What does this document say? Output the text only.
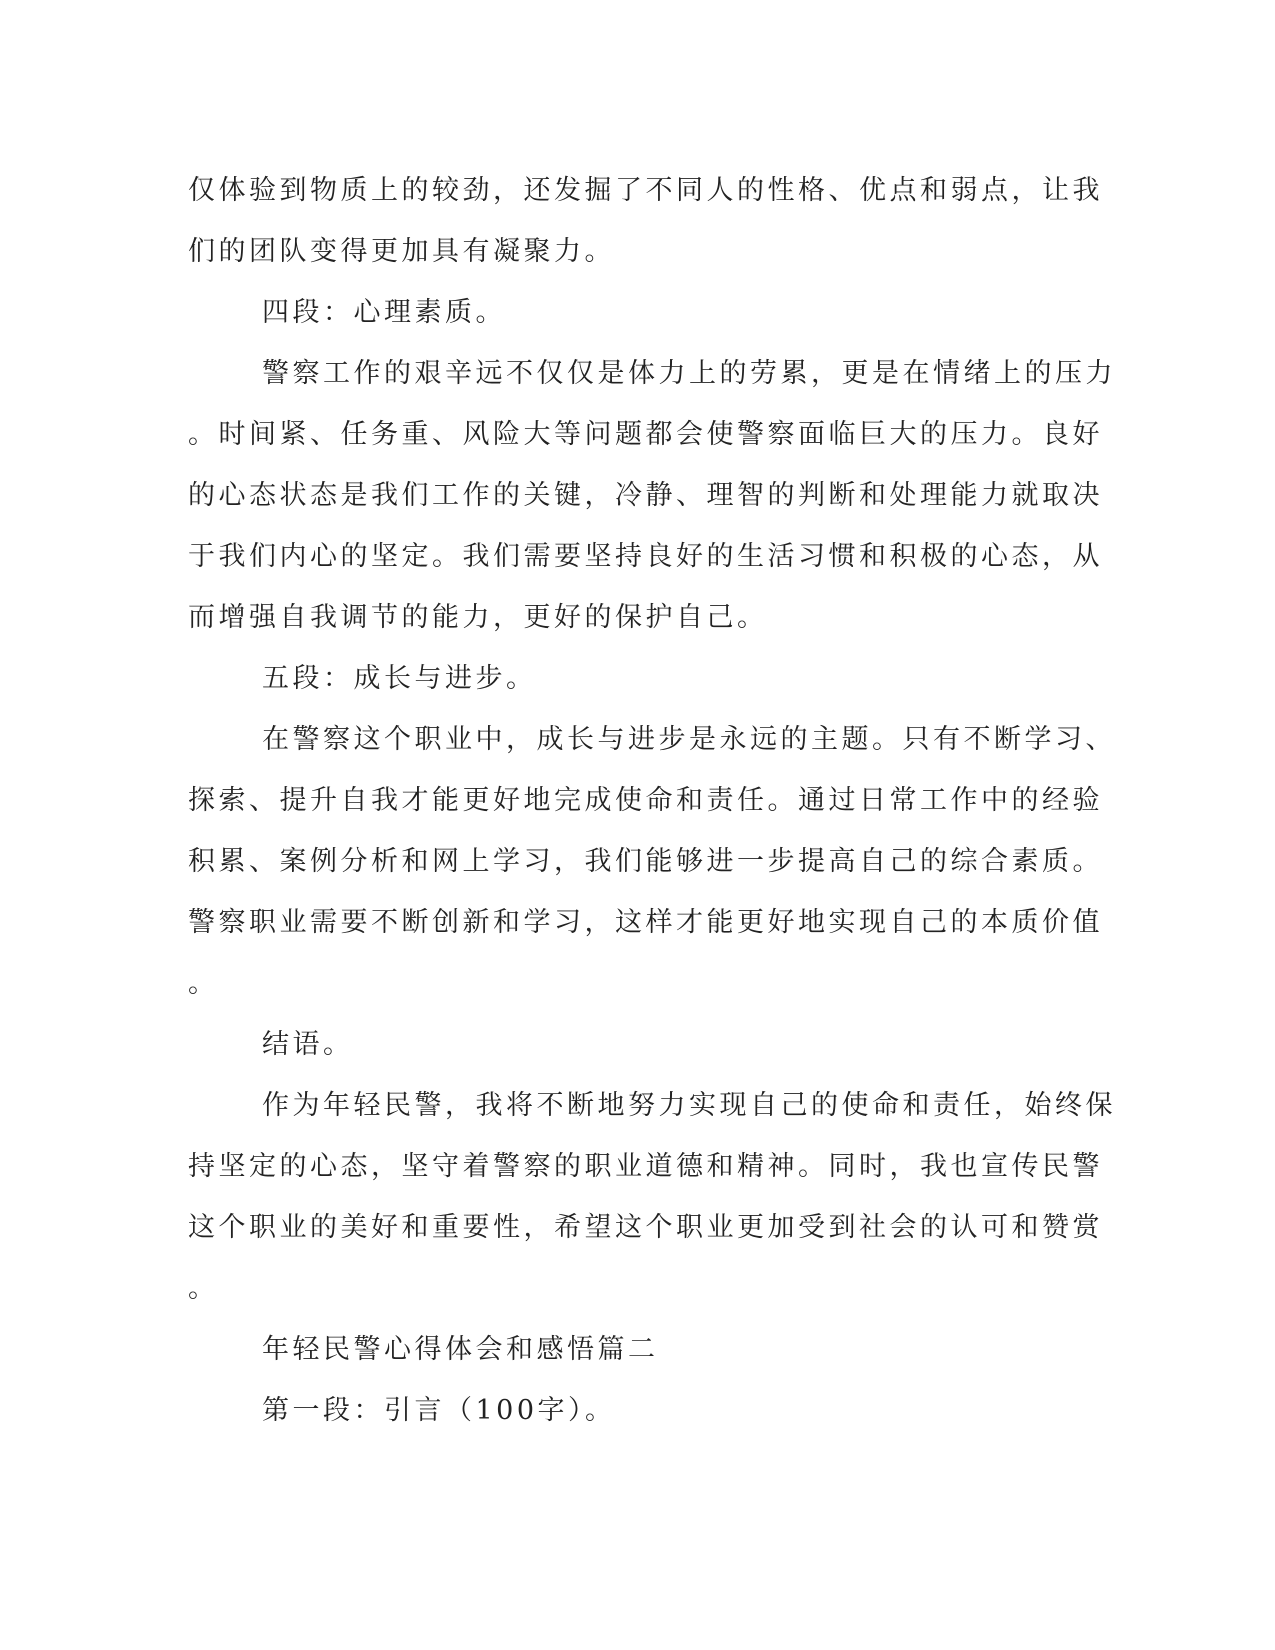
仅体验到物质上的较劲，还发掘了不同人的性格、优点和弱点，让我
们的团队变得更加具有凝聚力。
四段：心理素质。
警察工作的艰辛远不仅仅是体力上的劳累，更是在情绪上的压力
。时间紧、任务重、风险大等问题都会使警察面临巨大的压力。良好
的心态状态是我们工作的关键，冷静、理智的判断和处理能力就取决
于我们内心的坚定。我们需要坚持良好的生活习惯和积极的心态，从
而增强自我调节的能力，更好的保护自己。
五段：成长与进步。
在警察这个职业中，成长与进步是永远的主题。只有不断学习、
探索、提升自我才能更好地完成使命和责任。通过日常工作中的经验
积累、案例分析和网上学习，我们能够进一步提高自己的综合素质。
警察职业需要不断创新和学习，这样才能更好地实现自己的本质价值
。
结语。
作为年轻民警，我将不断地努力实现自己的使命和责任，始终保
持坚定的心态，坚守着警察的职业道德和精神。同时，我也宣传民警
这个职业的美好和重要性，希望这个职业更加受到社会的认可和赞赏
。
年轻民警心得体会和感悟篇二
第一段：引言（100字）。
